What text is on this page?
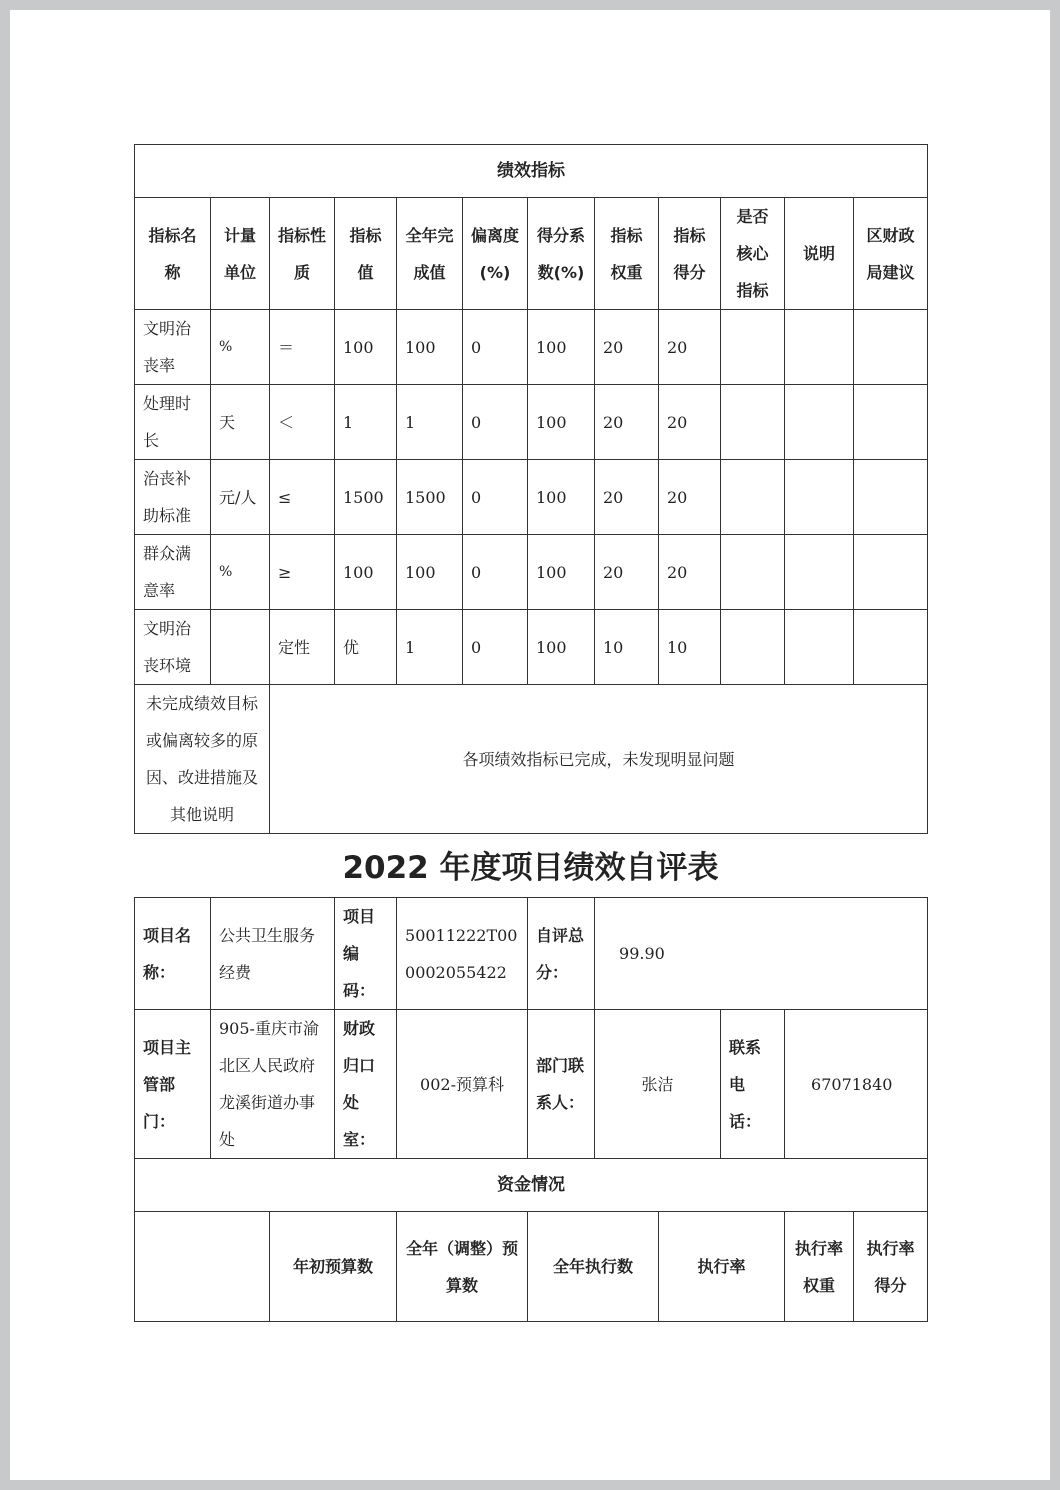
绩效指标											
指标名称	计量单位	指标性质	指标值	全年完成值	偏离度(%)	得分系数(%)	指标权重	指标得分	是否核心指标	说明	区财政局建议
文明治丧率	%	＝	100	100	0	100	20	20			
处理时长	天	＜	1	1	0	100	20	20			
治丧补助标准	元/人	≤	1500	1500	0	100	20	20			
群众满意率	%	≥	100	100	0	100	20	20			
文明治丧环境		定性	优	1	0	100	10	10			
未完成绩效目标或偏离较多的原因、改进措施及其他说明		各项绩效指标已完成，未发现明显问题									
2022 年度项目绩效自评表
项目名称：	公共卫生服务经费		项目编码：	50011222T000002055422	自评总分：	99.90				
项目主管部门：	905-重庆市渝北区人民政府龙溪街道办事处		财政归口处室：	002-预算科	部门联系人：	张洁		联系电话：	67071840	
资金情况										
		年初预算数		全年（调整）预算数	全年执行数		执行率		执行率权重	执行率得分
